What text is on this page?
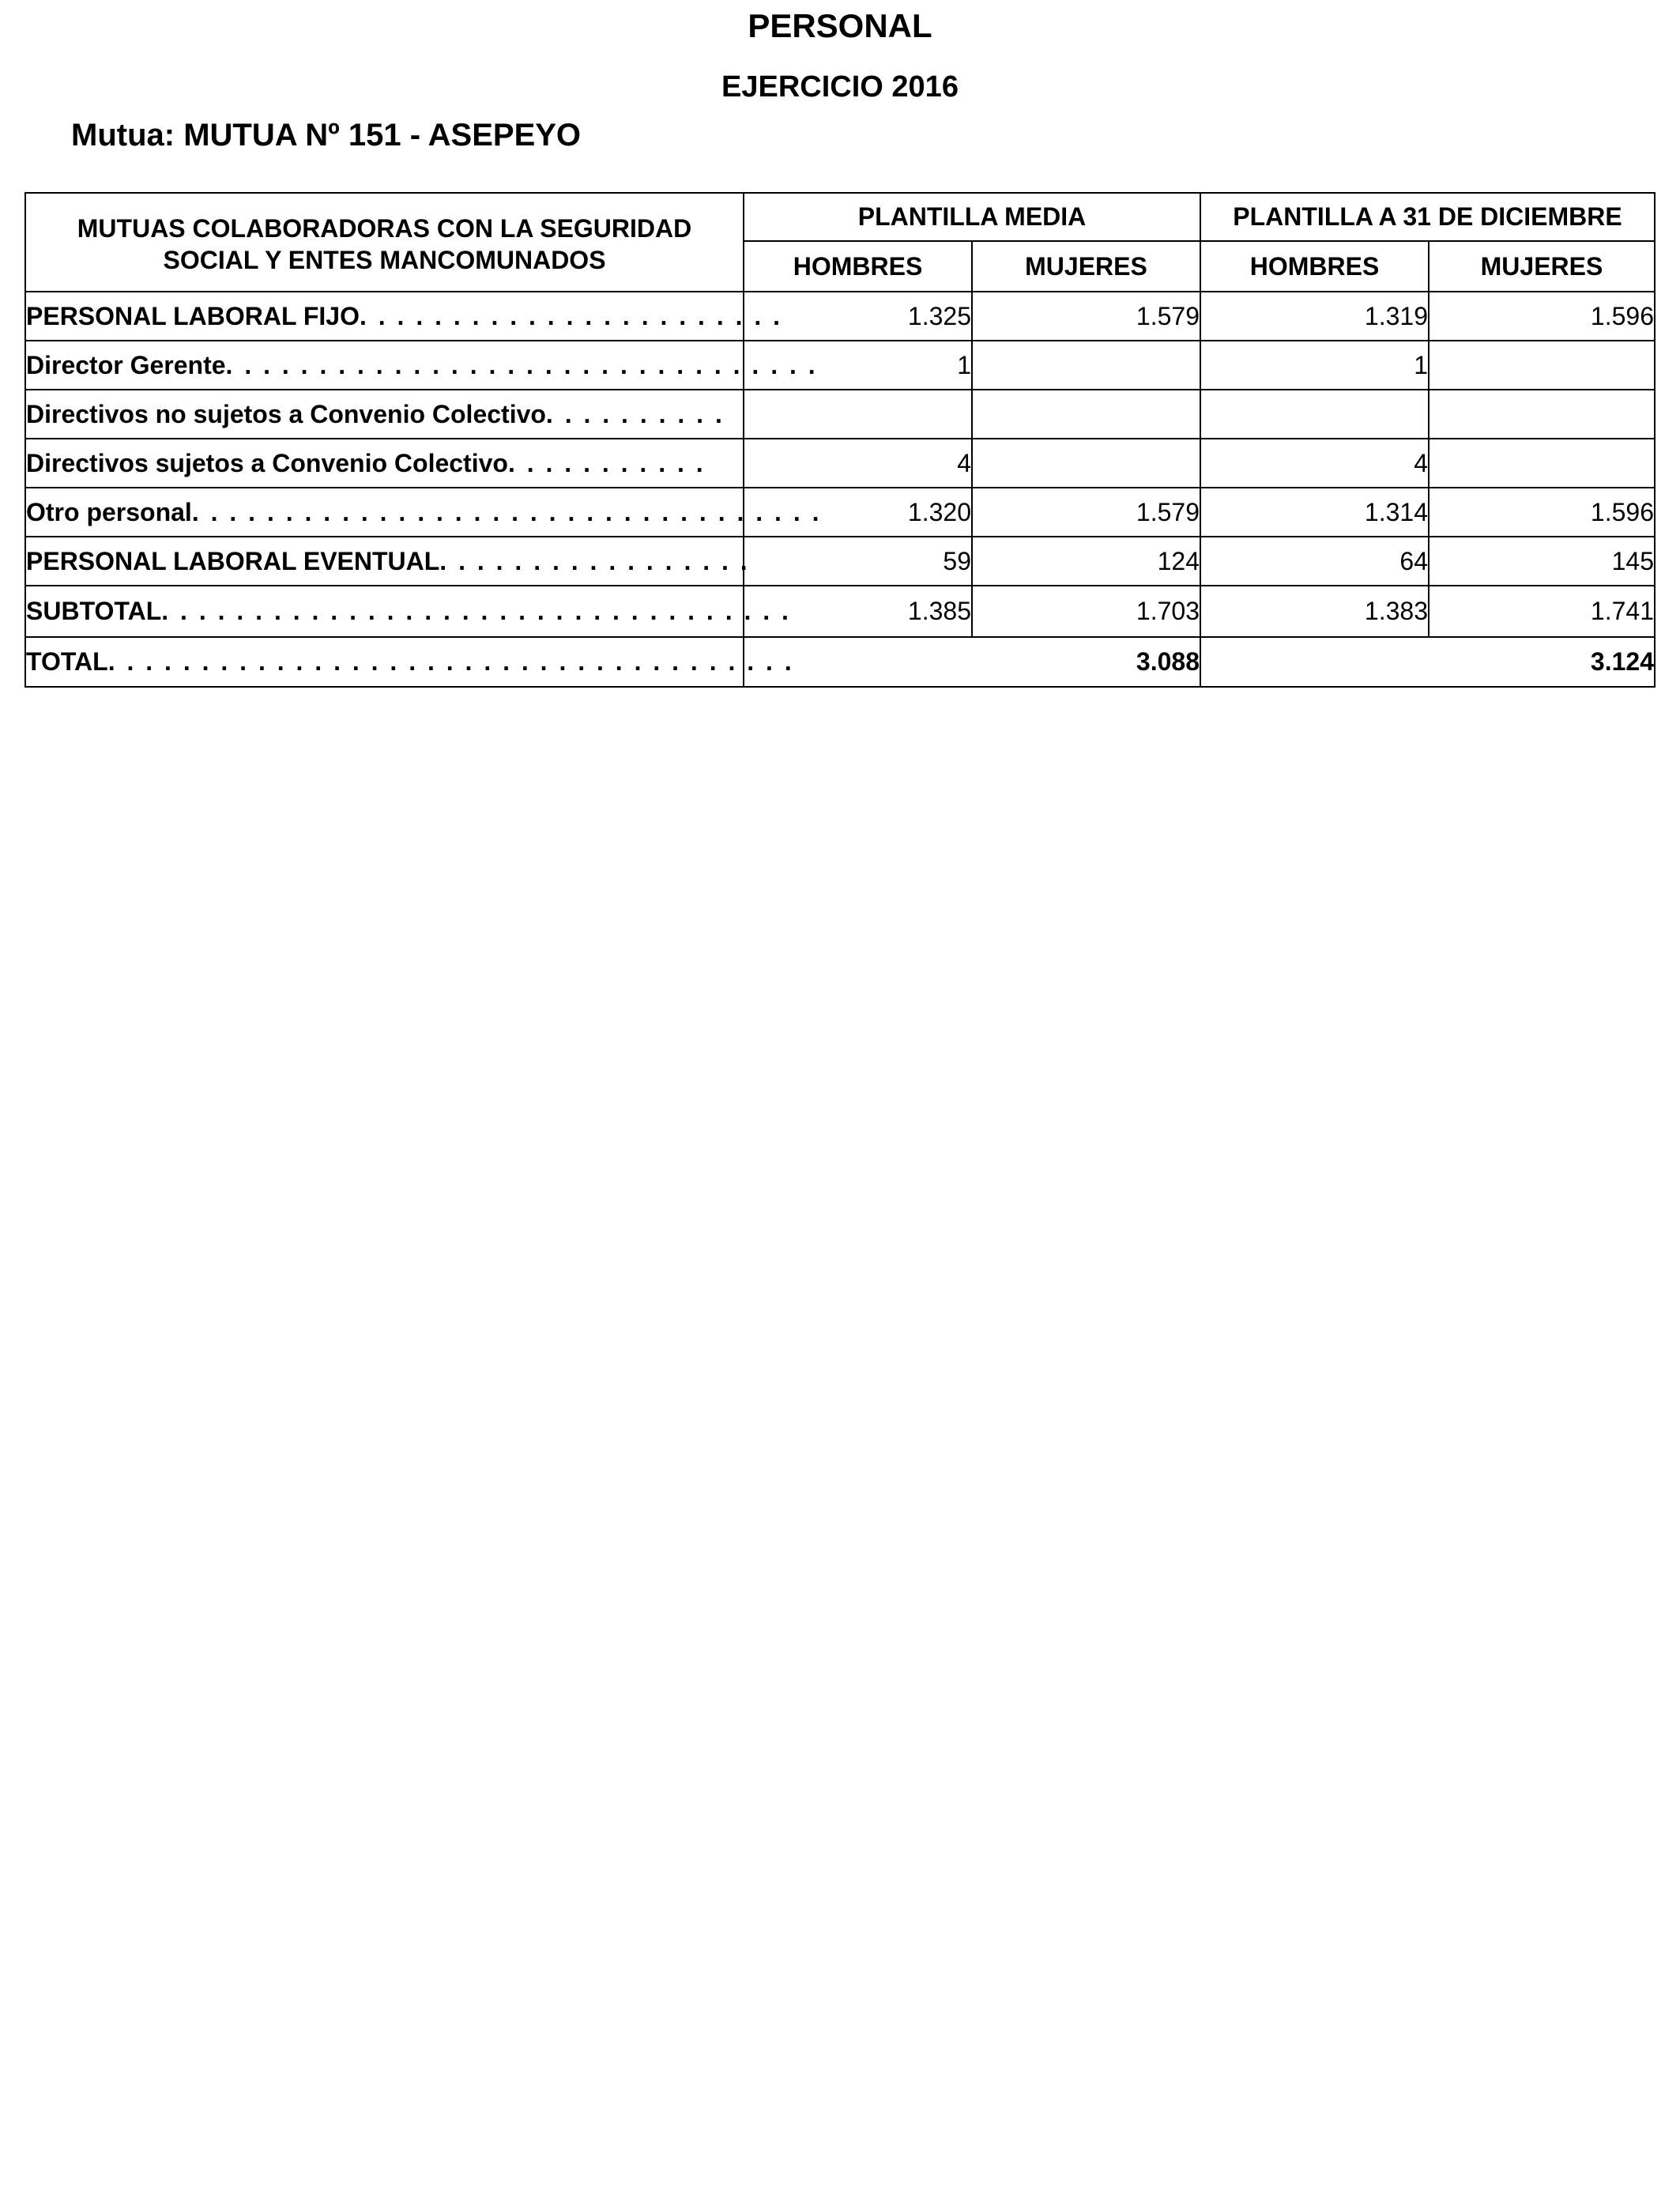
PERSONAL
EJERCICIO 2016
Mutua: MUTUA Nº 151 - ASEPEYO
MUTUAS COLABORADORAS CON LA SEGURIDAD SOCIAL Y ENTES MANCOMUNADOS	PLANTILLA MEDIA		PLANTILLA A 31 DE DICIEMBRE	
	HOMBRES	MUJERES	HOMBRES	MUJERES
PERSONAL LABORAL FIJO. . . . . . . . . . . . . . . . . . . . . . .	1.325	1.579	1.319	1.596
Director Gerente. . . . . . . . . . . . . . . . . . . . . . . . . . . . . . . .	1		1	
Directivos no sujetos a Convenio Colectivo. . . . . . . . . .				
Directivos sujetos a Convenio Colectivo. . . . . . . . . . .	4		4	
Otro personal. . . . . . . . . . . . . . . . . . . . . . . . . . . . . . . . . .	1.320	1.579	1.314	1.596
PERSONAL LABORAL EVENTUAL. . . . . . . . . . . . . . . . .	59	124	64	145
SUBTOTAL. . . . . . . . . . . . . . . . . . . . . . . . . . . . . . . . . .	1.385	1.703	1.383	1.741
TOTAL. . . . . . . . . . . . . . . . . . . . . . . . . . . . . . . . . . . . .	3.088		3.124	
